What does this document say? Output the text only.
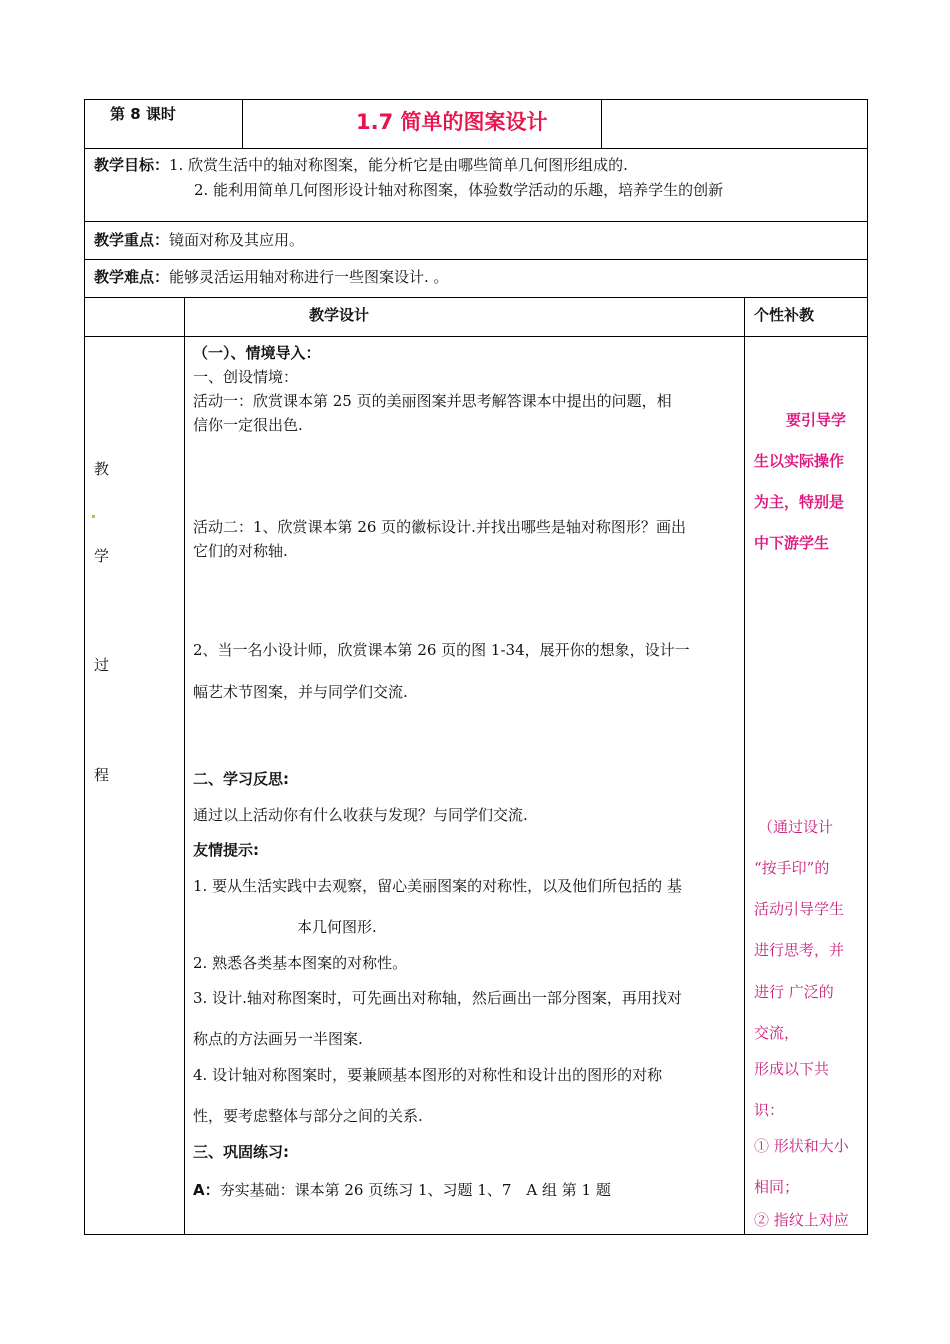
第 8 课时	1.7 简单的图案设计
教学目标：1. 欣赏生活中的轴对称图案，能分析它是由哪些简单几何图形组成的.
2. 能利用简单几何图形设计轴对称图案，体验数学活动的乐趣，培养学生的创新
教学重点：镜面对称及其应用。
教学难点：能够灵活运用轴对称进行一些图案设计. 。
教学设计	个性补教
教
学
过
程
（一）、情境导入：
一、创设情境：
活动一：欣赏课本第 25 页的美丽图案并思考解答课本中提出的问题，相
信你一定很出色.
活动二：1、欣赏课本第 26 页的徽标设计.并找出哪些是轴对称图形？画出
它们的对称轴.
2、当一名小设计师，欣赏课本第 26 页的图 1-34，展开你的想象，设计一
幅艺术节图案，并与同学们交流.
二、学习反思:
通过以上活动你有什么收获与发现？与同学们交流.
友情提示:
1. 要从生活实践中去观察，留心美丽图案的对称性，以及他们所包括的 基
本几何图形.
2. 熟悉各类基本图案的对称性。
3. 设计.轴对称图案时，可先画出对称轴，然后画出一部分图案，再用找对
称点的方法画另一半图案.
4. 设计轴对称图案时，要兼顾基本图形的对称性和设计出的图形的对称
性，要考虑整体与部分之间的关系.
三、巩固练习:
A：夯实基础：课本第 26 页练习 1、习题 1、7　A 组 第 1 题
要引导学
生以实际操作
为主，特别是
中下游学生
（通过设计
“按手印”的
活动引导学生
进行思考，并
进行 广泛的
交流，
形成以下共
识：
① 形状和大小
相同；
② 指纹上对应
